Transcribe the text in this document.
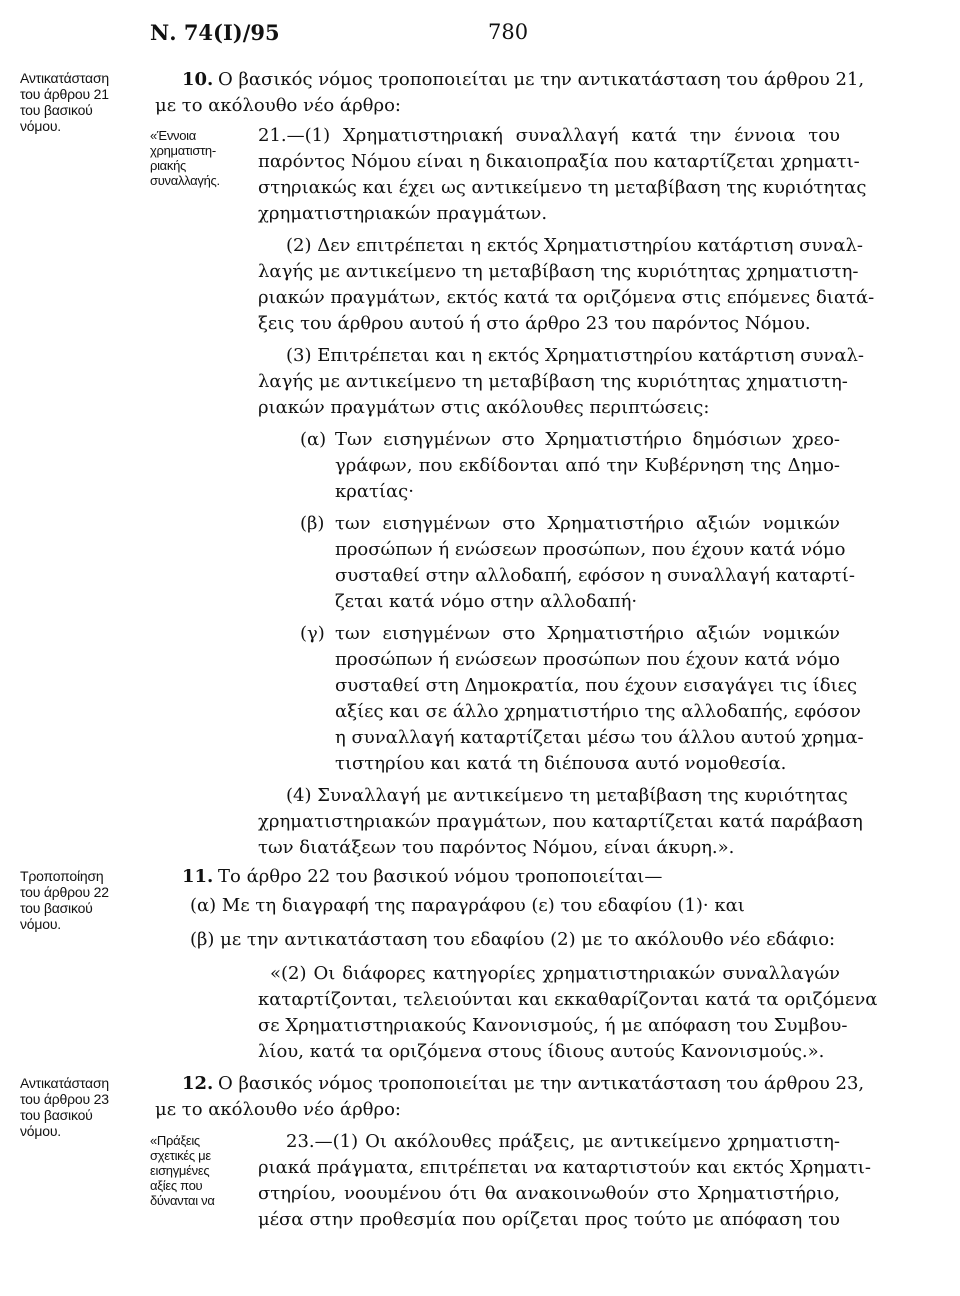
Ν. 74(I)/95	780
Αντικατάσταση
του άρθρου 21
του βασικού
νόμου.
Τροποποίηση
του άρθρου 22
του βασικού
νόμου.
Αντικατάσταση
του άρθρου 23
του βασικού
νόμου.
«Έννοια
χρηματιστη-
ριακής
συναλλαγής.
«Πράξεις
σχετικές με
εισηγμένες
αξίες που
δύνανται να
10. Ο βασικός νόμος τροποποιείται με την αντικατάσταση του άρθρου 21,
με το ακόλουθο νέο άρθρο:
21.—(1) Χρηματιστηριακή συναλλαγή κατά την έννοια του
παρόντος Νόμου είναι η δικαιοπραξία που καταρτίζεται χρηματι-
στηριακώς και έχει ως αντικείμενο τη μεταβίβαση της κυριότητας
χρηματιστηριακών πραγμάτων.
(2) Δεν επιτρέπεται η εκτός Χρηματιστηρίου κατάρτιση συναλ-
λαγής με αντικείμενο τη μεταβίβαση της κυριότητας χρηματιστη-
ριακών πραγμάτων, εκτός κατά τα οριζόμενα στις επόμενες διατά-
ξεις του άρθρου αυτού ή στο άρθρο 23 του παρόντος Νόμου.
(3) Επιτρέπεται και η εκτός Χρηματιστηρίου κατάρτιση συναλ-
λαγής με αντικείμενο τη μεταβίβαση της κυριότητας χηματιστη-
ριακών πραγμάτων στις ακόλουθες περιπτώσεις:
(α) Των εισηγμένων στο Χρηματιστήριο δημόσιων χρεο-
γράφων, που εκδίδονται από την Κυβέρνηση της Δημο-
κρατίας·
(β) των εισηγμένων στο Χρηματιστήριο αξιών νομικών
προσώπων ή ενώσεων προσώπων, που έχουν κατά νόμο
συσταθεί στην αλλοδαπή, εφόσον η συναλλαγή καταρτί-
ζεται κατά νόμο στην αλλοδαπή·
(γ) των εισηγμένων στο Χρηματιστήριο αξιών νομικών
προσώπων ή ενώσεων προσώπων που έχουν κατά νόμο
συσταθεί στη Δημοκρατία, που έχουν εισαγάγει τις ίδιες
αξίες και σε άλλο χρηματιστήριο της αλλοδαπής, εφόσον
η συναλλαγή καταρτίζεται μέσω του άλλου αυτού χρημα-
τιστηρίου και κατά τη διέπουσα αυτό νομοθεσία.
(4) Συναλλαγή με αντικείμενο τη μεταβίβαση της κυριότητας
χρηματιστηριακών πραγμάτων, που καταρτίζεται κατά παράβαση
των διατάξεων του παρόντος Νόμου, είναι άκυρη.».
11. Το άρθρο 22 του βασικού νόμου τροποποιείται—
(α) Με τη διαγραφή της παραγράφου (ε) του εδαφίου (1)· και
(β) με την αντικατάσταση του εδαφίου (2) με το ακόλουθο νέο εδάφιο:
«(2) Οι διάφορες κατηγορίες χρηματιστηριακών συναλλαγών
καταρτίζονται, τελειούνται και εκκαθαρίζονται κατά τα οριζόμενα
σε Χρηματιστηριακούς Κανονισμούς, ή με απόφαση του Συμβου-
λίου, κατά τα οριζόμενα στους ίδιους αυτούς Κανονισμούς.».
12. Ο βασικός νόμος τροποποιείται με την αντικατάσταση του άρθρου 23,
με το ακόλουθο νέο άρθρο:
23.—(1) Οι ακόλουθες πράξεις, με αντικείμενο χρηματιστη-
ριακά πράγματα, επιτρέπεται να καταρτιστούν και εκτός Χρηματι-
στηρίου, νοουμένου ότι θα ανακοινωθούν στο Χρηματιστήριο,
μέσα στην προθεσμία που ορίζεται προς τούτο με απόφαση του
